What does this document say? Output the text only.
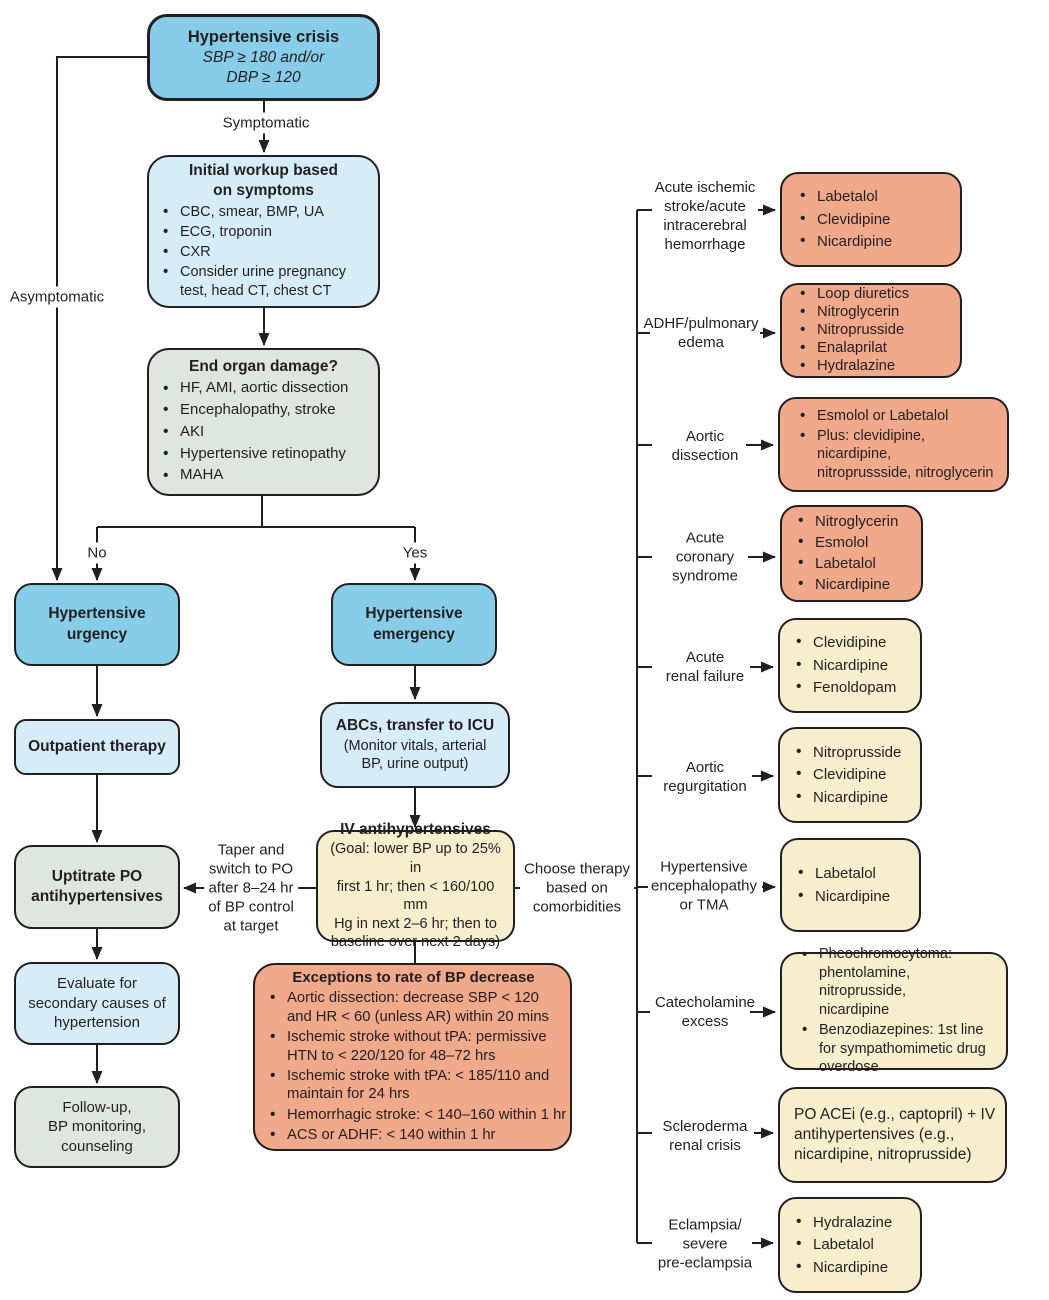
Hypertensive crisis
SBP ≥ 180 and/or
DBP ≥ 120
Symptomatic
Asymptomatic
Initial workup based
on symptoms
• CBC, smear, BMP, UA
• ECG, troponin
• CXR
• Consider urine pregnancy
test, head CT, chest CT
End organ damage?
• HF, AMI, aortic dissection
• Encephalopathy, stroke
• AKI
• Hypertensive retinopathy
• MAHA
No	Yes
Hypertensive urgency
Hypertensive emergency
Outpatient therapy
ABCs, transfer to ICU
(Monitor vitals, arterial
BP, urine output)
Uptitrate PO antihypertensives
IV antihypertensives
(Goal: lower BP up to 25% in
first 1 hr; then < 160/100 mm
Hg in next 2–6 hr; then to
baseline over next 2 days)
Taper and
switch to PO
after 8–24 hr
of BP control
at target
Choose therapy
based on
comorbidities
Evaluate for
secondary causes of
hypertension
Exceptions to rate of BP decrease
• Aortic dissection: decrease SBP < 120
and HR < 60 (unless AR) within 20 mins
• Ischemic stroke without tPA: permissive
HTN to < 220/120 for 48–72 hrs
• Ischemic stroke with tPA: < 185/110 and
maintain for 24 hrs
• Hemorrhagic stroke: < 140–160 within 1 hr
• ACS or ADHF: < 140 within 1 hr
Follow-up,
BP monitoring,
counseling
Acute ischemic
stroke/acute
intracerebral
hemorrhage
ADHF/pulmonary
edema
Aortic
dissection
Acute
coronary
syndrome
Acute
renal failure
Aortic
regurgitation
Hypertensive
encephalopathy
or TMA
Catecholamine
excess
Scleroderma
renal crisis
Eclampsia/
severe
pre-eclampsia
• Labetalol
• Clevidipine
• Nicardipine
• Loop diuretics
• Nitroglycerin
• Nitroprusside
• Enalaprilat
• Hydralazine
• Esmolol or Labetalol
• Plus: clevidipine, nicardipine,
nitroprussside, nitroglycerin
• Nitroglycerin
• Esmolol
• Labetalol
• Nicardipine
• Clevidipine
• Nicardipine
• Fenoldopam
• Nitroprusside
• Clevidipine
• Nicardipine
• Labetalol
• Nicardipine
• Pheochromocytoma:
phentolamine, nitroprusside,
nicardipine
• Benzodiazepines: 1st line
for sympathomimetic drug
overdose
PO ACEi (e.g., captopril) + IV
antihypertensives (e.g.,
nicardipine, nitroprusside)
• Hydralazine
• Labetalol
• Nicardipine
